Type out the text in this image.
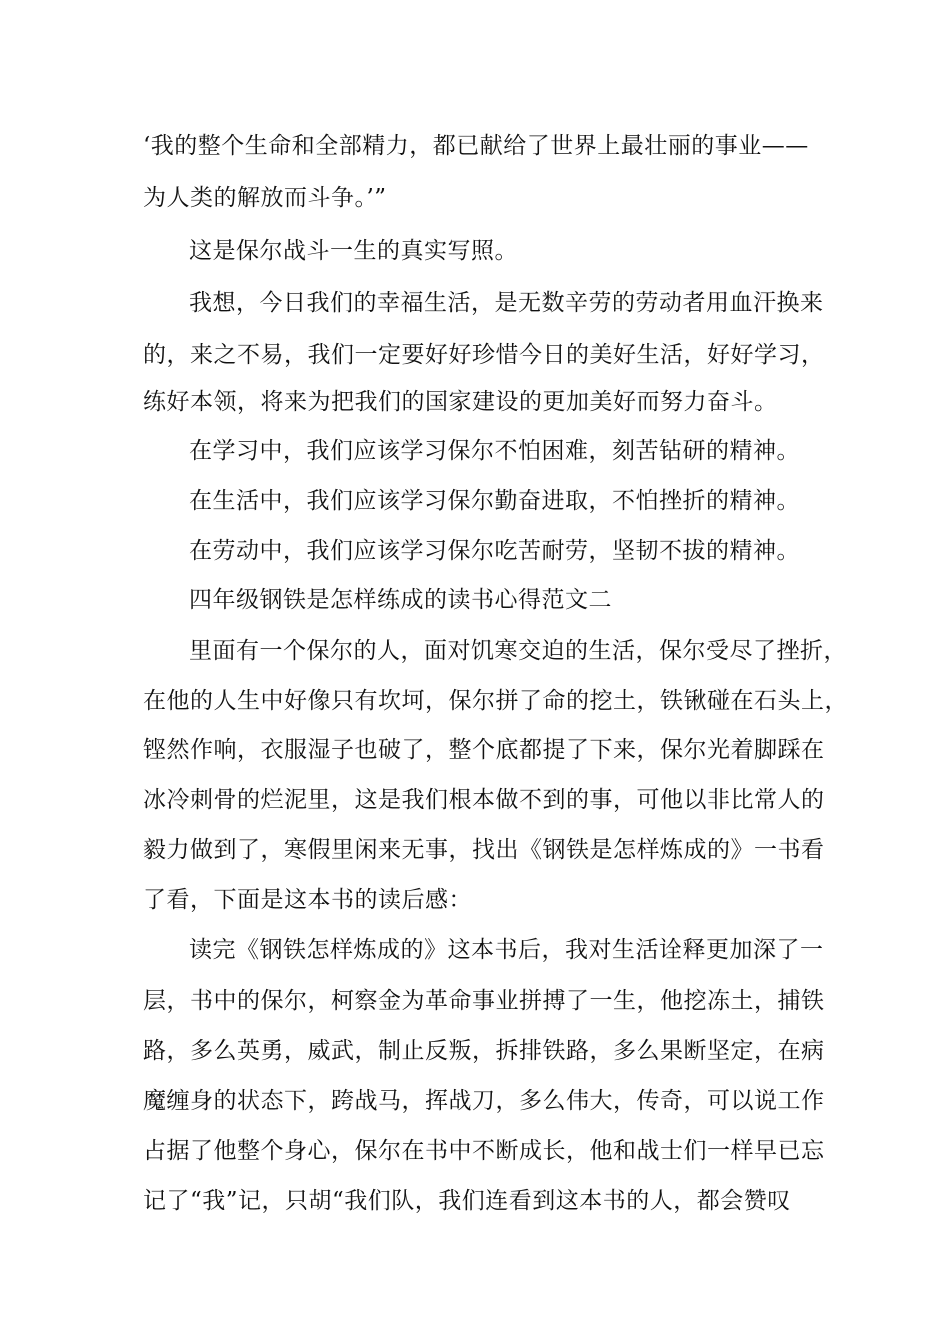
‘我的整个生命和全部精力，都已献给了世界上最壮丽的事业——
为人类的解放而斗争。’”
这是保尔战斗一生的真实写照。
我想，今日我们的幸福生活，是无数辛劳的劳动者用血汗换来
的，来之不易，我们一定要好好珍惜今日的美好生活，好好学习，
练好本领，将来为把我们的国家建设的更加美好而努力奋斗。
在学习中，我们应该学习保尔不怕困难，刻苦钻研的精神。
在生活中，我们应该学习保尔勤奋进取，不怕挫折的精神。
在劳动中，我们应该学习保尔吃苦耐劳，坚韧不拔的精神。
四年级钢铁是怎样练成的读书心得范文二
里面有一个保尔的人，面对饥寒交迫的生活，保尔受尽了挫折，
在他的人生中好像只有坎坷，保尔拼了命的挖土，铁锹碰在石头上，
铿然作响，衣服湿子也破了，整个底都提了下来，保尔光着脚踩在
冰冷刺骨的烂泥里，这是我们根本做不到的事，可他以非比常人的
毅力做到了，寒假里闲来无事，找出《钢铁是怎样炼成的》一书看
了看，下面是这本书的读后感：
读完《钢铁怎样炼成的》这本书后，我对生活诠释更加深了一
层，书中的保尔，柯察金为革命事业拼搏了一生，他挖冻土，捕铁
路，多么英勇，威武，制止反叛，拆排铁路，多么果断坚定，在病
魔缠身的状态下，跨战马，挥战刀，多么伟大，传奇，可以说工作
占据了他整个身心，保尔在书中不断成长，他和战士们一样早已忘
记了“我”记，只胡“我们队，我们连看到这本书的人，都会赞叹
